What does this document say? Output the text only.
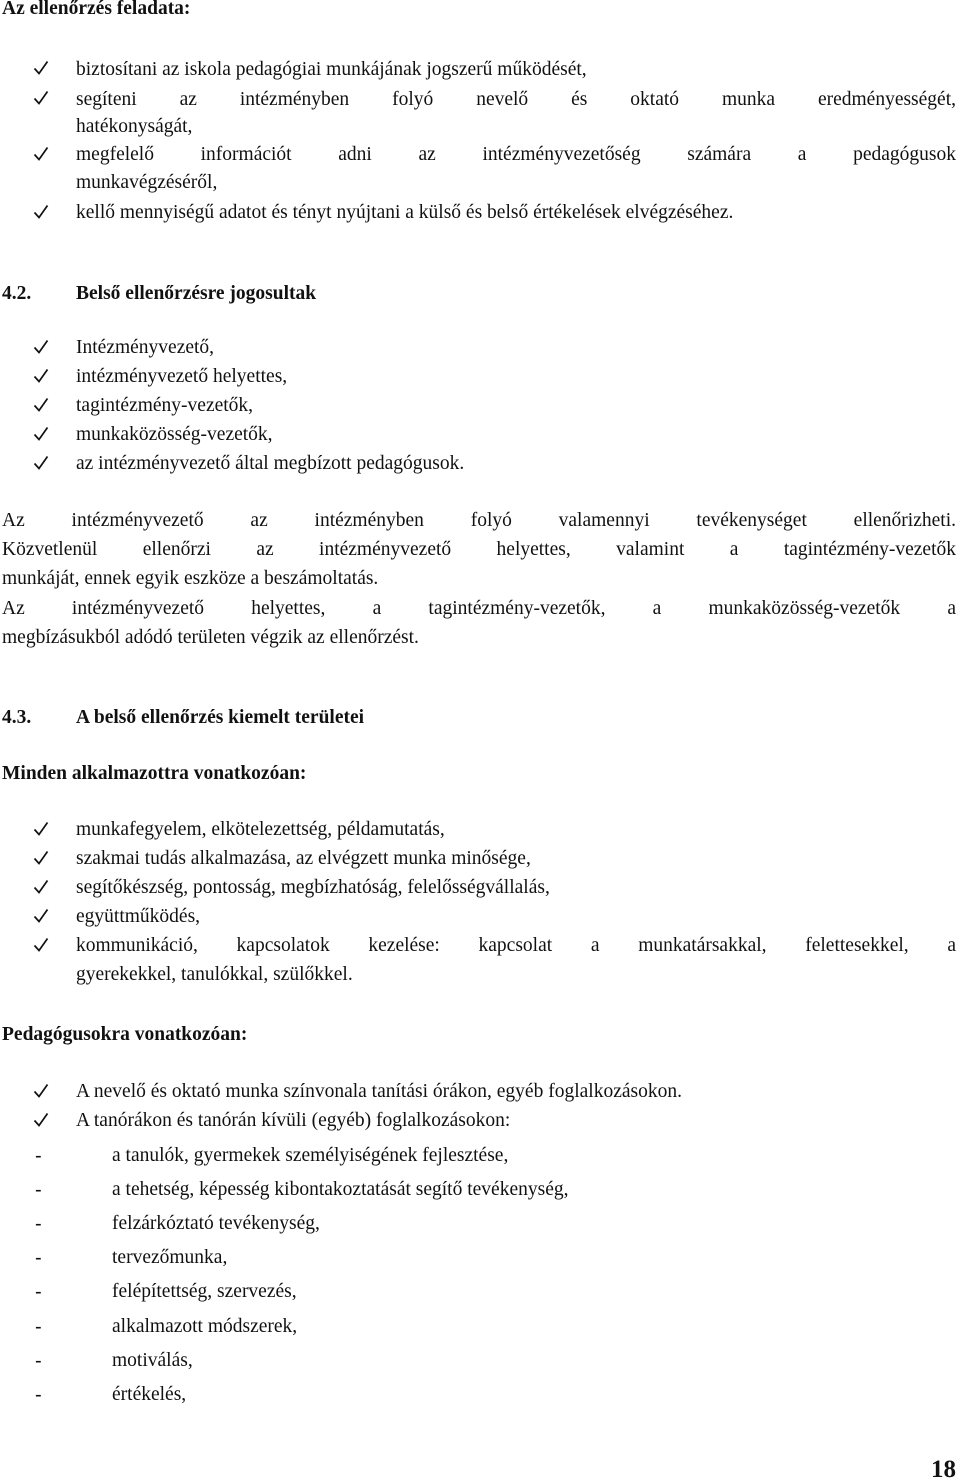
Az ellenőrzés feladata:
biztosítani az iskola pedagógiai munkájának jogszerű működését,
segíteni az intézményben folyó nevelő és oktató munka eredményességét,
hatékonyságát,
megfelelő információt adni az intézményvezetőség számára a pedagógusok
munkavégzéséről,
kellő mennyiségű adatot és tényt nyújtani a külső és belső értékelések elvégzéséhez.
4.2. Belső ellenőrzésre jogosultak
Intézményvezető,
intézményvezető helyettes,
tagintézmény-vezetők,
munkaközösség-vezetők,
az intézményvezető által megbízott pedagógusok.
Az intézményvezető az intézményben folyó valamennyi tevékenységet ellenőrizheti.
Közvetlenül ellenőrzi az intézményvezető helyettes, valamint a tagintézmény-vezetők
munkáját, ennek egyik eszköze a beszámoltatás.
Az intézményvezető helyettes, a tagintézmény-vezetők, a munkaközösség-vezetők a
megbízásukból adódó területen végzik az ellenőrzést.
4.3. A belső ellenőrzés kiemelt területei
Minden alkalmazottra vonatkozóan:
munkafegyelem, elkötelezettség, példamutatás,
szakmai tudás alkalmazása, az elvégzett munka minősége,
segítőkészség, pontosság, megbízhatóság, felelősségvállalás,
együttműködés,
kommunikáció, kapcsolatok kezelése: kapcsolat a munkatársakkal, felettesekkel, a
gyerekekkel, tanulókkal, szülőkkel.
Pedagógusokra vonatkozóan:
A nevelő és oktató munka színvonala tanítási órákon, egyéb foglalkozásokon.
A tanórákon és tanórán kívüli (egyéb) foglalkozásokon:
-	a tanulók, gyermekek személyiségének fejlesztése,
-	a tehetség, képesség kibontakoztatását segítő tevékenység,
-	felzárkóztató tevékenység,
-	tervezőmunka,
-	felépítettség, szervezés,
-	alkalmazott módszerek,
-	motiválás,
-	értékelés,
18
